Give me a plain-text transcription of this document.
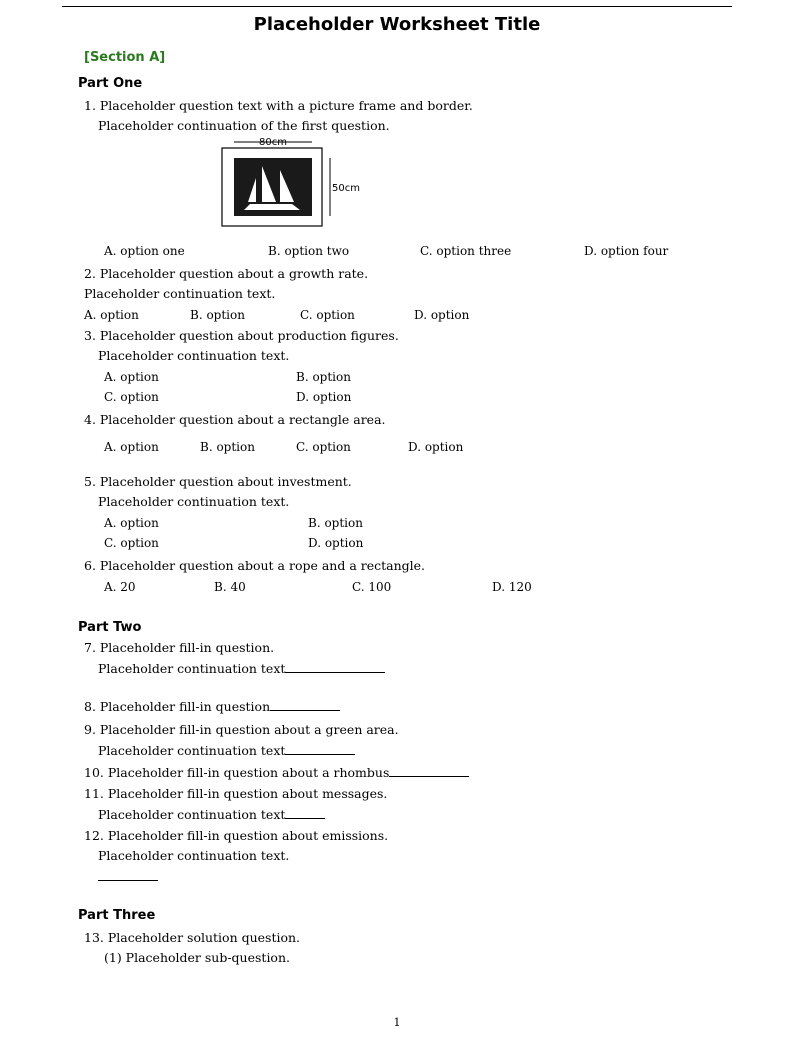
Placeholder Worksheet Title
[Section A]
Part One
1. Placeholder question text with a picture frame and border.
Placeholder continuation of the first question.
80cm
50cm
A. option one	B. option two	C. option three	D. option four
2. Placeholder question about a growth rate.
Placeholder continuation text.
A. option	B. option	C. option	D. option
3. Placeholder question about production figures.
Placeholder continuation text.
A. option	B. option
C. option	D. option
4. Placeholder question about a rectangle area.
A. option	B. option	C. option	D. option
5. Placeholder question about investment.
Placeholder continuation text.
A. option	B. option
C. option	D. option
6. Placeholder question about a rope and a rectangle.
A. 20	B. 40	C. 100	D. 120
Part Two
7. Placeholder fill-in question.
Placeholder continuation text
8. Placeholder fill-in question
9. Placeholder fill-in question about a green area.
Placeholder continuation text
10. Placeholder fill-in question about a rhombus
11. Placeholder fill-in question about messages.
Placeholder continuation text
12. Placeholder fill-in question about emissions.
Placeholder continuation text.
Part Three
13. Placeholder solution question.
(1) Placeholder sub-question.
1
